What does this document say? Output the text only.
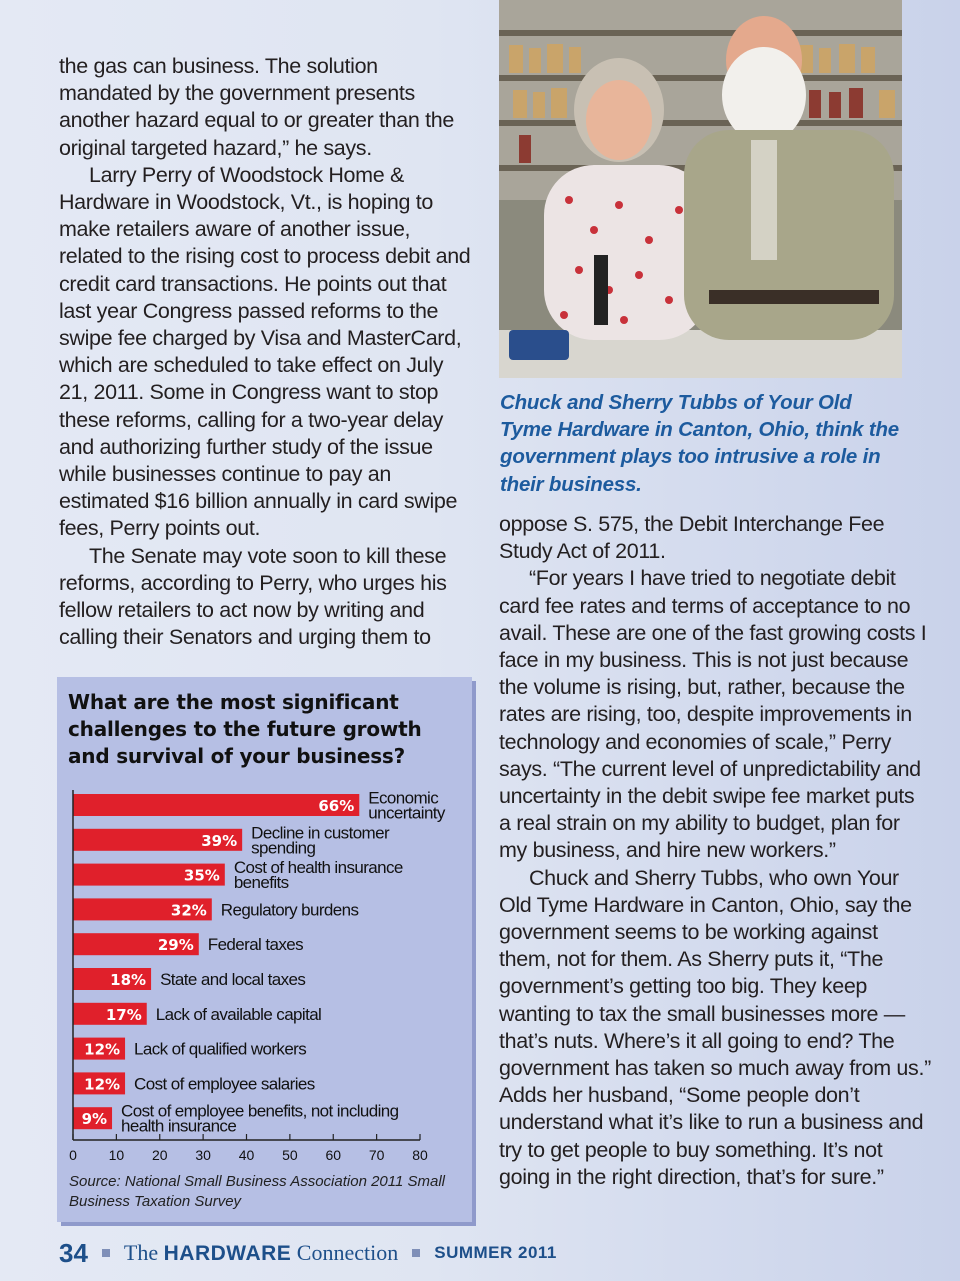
the gas can business. The solution mandated by the government presents another hazard equal to or greater than the original targeted hazard,” he says.

Larry Perry of Woodstock Home & Hardware in Woodstock, Vt., is hoping to make retailers aware of another issue, related to the rising cost to process debit and credit card transactions. He points out that last year Congress passed reforms to the swipe fee charged by Visa and MasterCard, which are scheduled to take effect on July 21, 2011. Some in Congress want to stop these reforms, calling for a two-year delay and authorizing further study of the issue while businesses continue to pay an estimated $16 billion annually in card swipe fees, Perry points out.

The Senate may vote soon to kill these reforms, according to Perry, who urges his fellow retailers to act now by writing and calling their Senators and urging them to

Chuck and Sherry Tubbs of Your Old Tyme Hardware in Canton, Ohio, think the government plays too intrusive a role in their business.

oppose S. 575, the Debit Interchange Fee Study Act of 2011.

“For years I have tried to negotiate debit card fee rates and terms of acceptance to no avail. These are one of the fast growing costs I face in my business. This is not just because the volume is rising, but, rather, because the rates are rising, too, despite improvements in technology and economies of scale,” Perry says. “The current level of unpredictability and uncertainty in the debit swipe fee market puts a real strain on my ability to budget, plan for my business, and hire new workers.”

Chuck and Sherry Tubbs, who own Your Old Tyme Hardware in Canton, Ohio, say the government seems to be working against them, not for them. As Sherry puts it, “The government’s getting too big. They keep wanting to tax the small businesses more — that’s nuts. Where’s it all going to end? The government has taken so much away from us.” Adds her husband, “Some people don’t understand what it’s like to run a business and try to get people to buy something. It’s not going in the right direction, that’s for sure.”

What are the most significant challenges to the future growth and survival of your business?
66% Economic
uncertainty
39% Decline in customer
spending
35% Cost of health insurance
benefits
32% Regulatory burdens
29% Federal taxes
18% State and local taxes
17% Lack of available capital
12% Lack of qualified workers
12% Cost of employee salaries
9% Cost of employee benefits, not including
health insurance
0 10 20 30 40 50 60 70 80
Source: National Small Business Association 2011 Small Business Taxation Survey
34 The HARDWARE Connection SUMMER 2011
